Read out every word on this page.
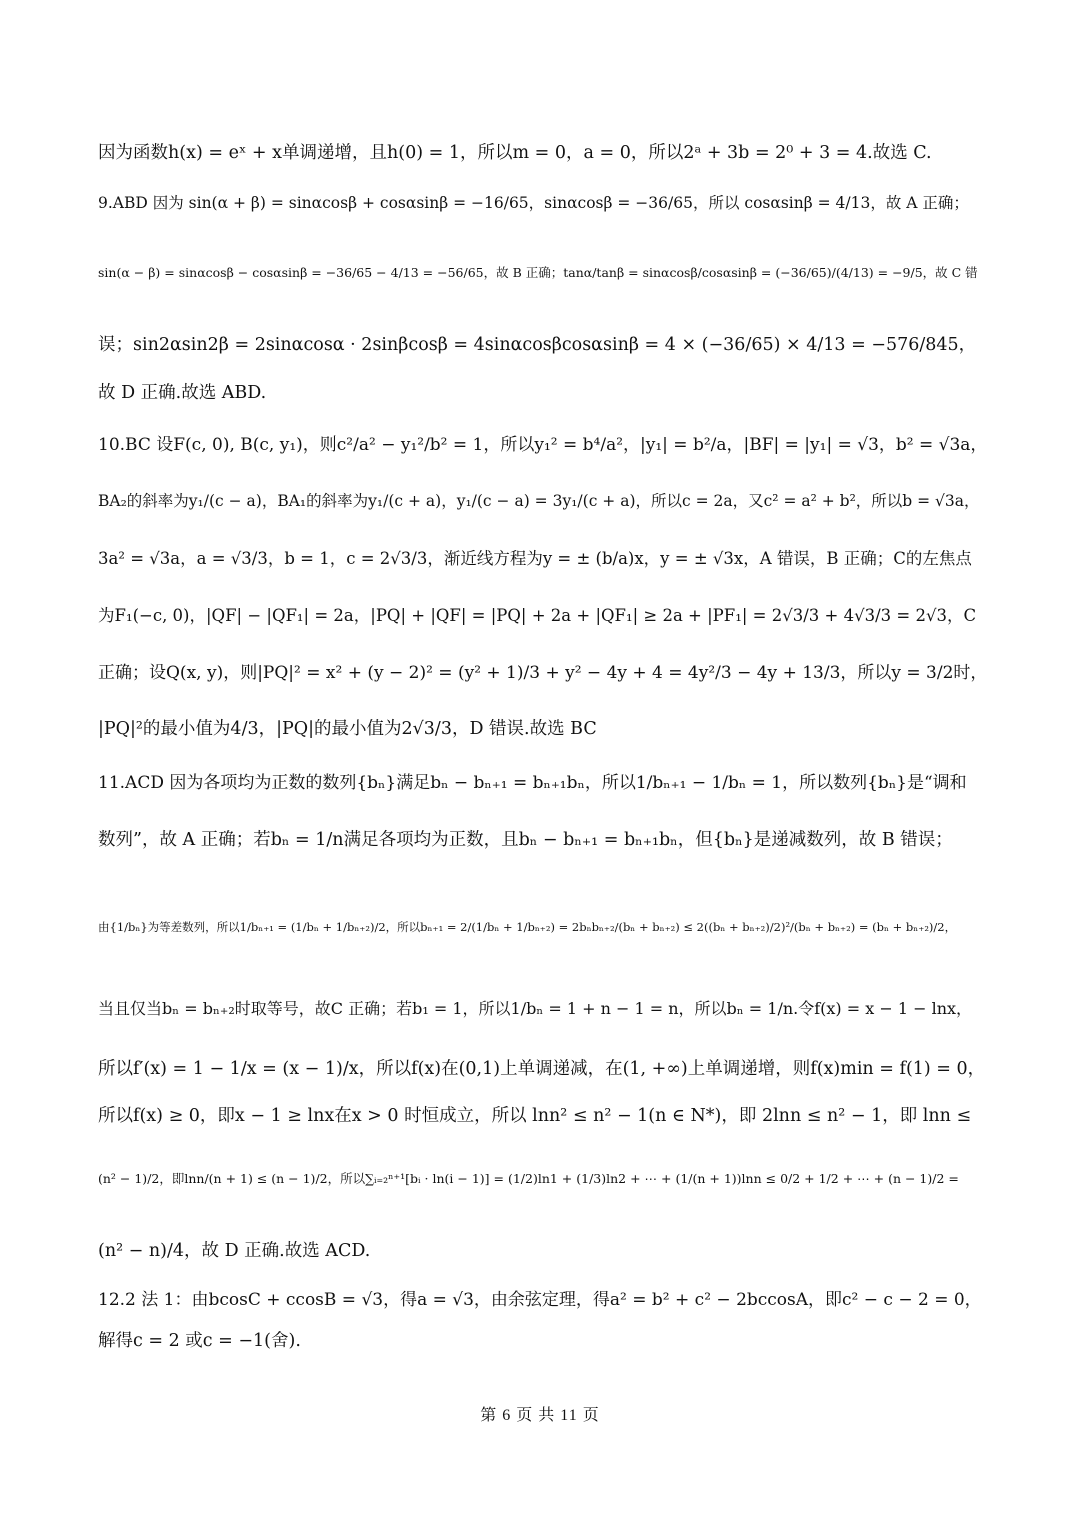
因为函数h(x) = eˣ + x单调递增，且h(0) = 1，所以m = 0，a = 0，所以2ᵃ + 3b = 2⁰ + 3 = 4.故选 C.
9.ABD 因为 sin(α + β) = sinαcosβ + cosαsinβ = −16/65，sinαcosβ = −36/65，所以 cosαsinβ = 4/13，故 A 正确；
sin(α − β) = sinαcosβ − cosαsinβ = −36/65 − 4/13 = −56/65，故 B 正确；tanα/tanβ = sinαcosβ/cosαsinβ = (−36/65)/(4/13) = −9/5，故 C 错
误；sin2αsin2β = 2sinαcosα · 2sinβcosβ = 4sinαcosβcosαsinβ = 4 × (−36/65) × 4/13 = −576/845，
故 D 正确.故选 ABD.
10.BC 设F(c, 0), B(c, y₁)，则c²/a² − y₁²/b² = 1，所以y₁² = b⁴/a²，|y₁| = b²/a，|BF| = |y₁| = √3，b² = √3a，
BA₂的斜率为y₁/(c − a)，BA₁的斜率为y₁/(c + a)，y₁/(c − a) = 3y₁/(c + a)，所以c = 2a，又c² = a² + b²，所以b = √3a，
3a² = √3a，a = √3/3，b = 1，c = 2√3/3，渐近线方程为y = ± (b/a)x，y = ± √3x，A 错误，B 正确；C的左焦点
为F₁(−c, 0)，|QF| − |QF₁| = 2a，|PQ| + |QF| = |PQ| + 2a + |QF₁| ≥ 2a + |PF₁| = 2√3/3 + 4√3/3 = 2√3，C
正确；设Q(x, y)，则|PQ|² = x² + (y − 2)² = (y² + 1)/3 + y² − 4y + 4 = 4y²/3 − 4y + 13/3，所以y = 3/2时，
|PQ|²的最小值为4/3，|PQ|的最小值为2√3/3，D 错误.故选 BC
11.ACD 因为各项均为正数的数列{bₙ}满足bₙ − bₙ₊₁ = bₙ₊₁bₙ，所以1/bₙ₊₁ − 1/bₙ = 1，所以数列{bₙ}是“调和
数列”，故 A 正确；若bₙ = 1/n满足各项均为正数，且bₙ − bₙ₊₁ = bₙ₊₁bₙ，但{bₙ}是递减数列，故 B 错误；
由{1/bₙ}为等差数列，所以1/bₙ₊₁ = (1/bₙ + 1/bₙ₊₂)/2，所以bₙ₊₁ = 2/(1/bₙ + 1/bₙ₊₂) = 2bₙbₙ₊₂/(bₙ + bₙ₊₂) ≤ 2((bₙ + bₙ₊₂)/2)²/(bₙ + bₙ₊₂) = (bₙ + bₙ₊₂)/2，
当且仅当bₙ = bₙ₊₂时取等号，故C 正确；若b₁ = 1，所以1/bₙ = 1 + n − 1 = n，所以bₙ = 1/n.令f(x) = x − 1 − lnx，
所以f′(x) = 1 − 1/x = (x − 1)/x，所以f(x)在(0,1)上单调递减，在(1, +∞)上单调递增，则f(x)min = f(1) = 0，
所以f(x) ≥ 0，即x − 1 ≥ lnx在x > 0 时恒成立，所以 lnn² ≤ n² − 1(n ∈ N*)，即 2lnn ≤ n² − 1，即 lnn ≤
(n² − 1)/2，即lnn/(n + 1) ≤ (n − 1)/2，所以∑ᵢ₌₂ⁿ⁺¹[bᵢ · ln(i − 1)] = (1/2)ln1 + (1/3)ln2 + ⋯ + (1/(n + 1))lnn ≤ 0/2 + 1/2 + ⋯ + (n − 1)/2 =
(n² − n)/4，故 D 正确.故选 ACD.
12.2 法 1：由bcosC + ccosB = √3，得a = √3，由余弦定理，得a² = b² + c² − 2bccosA，即c² − c − 2 = 0，
解得c = 2 或c = −1(舍).
第 6 页 共 11 页
